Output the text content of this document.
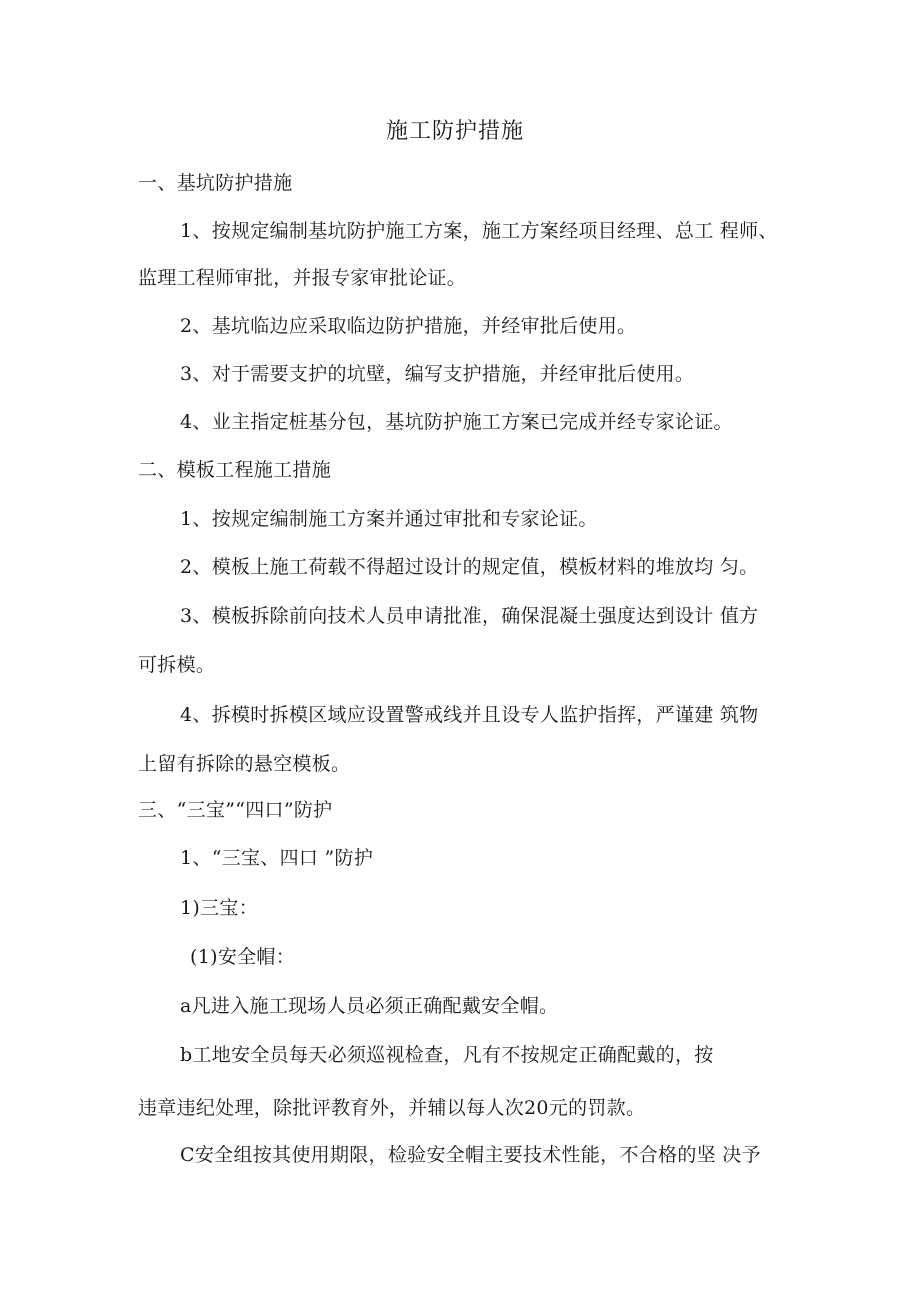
施工防护措施
一、基坑防护措施
1、按规定编制基坑防护施工方案，施工方案经项目经理、总工 程师、
监理工程师审批，并报专家审批论证。
2、基坑临边应采取临边防护措施，并经审批后使用。
3、对于需要支护的坑壁，编写支护措施，并经审批后使用。
4、业主指定桩基分包，基坑防护施工方案已完成并经专家论证。
二、模板工程施工措施
1、按规定编制施工方案并通过审批和专家论证。
2、模板上施工荷载不得超过设计的规定值，模板材料的堆放均 匀。
3、模板拆除前向技术人员申请批准，确保混凝土强度达到设计 值方
可拆模。
4、拆模时拆模区域应设置警戒线并且设专人监护指挥，严谨建 筑物
上留有拆除的悬空模板。
三、“三宝”“四口”防护
1、“三宝、四口 ”防护
1)三宝：
(1)安全帽：
a凡进入施工现场人员必须正确配戴安全帽。
b工地安全员每天必须巡视检查，凡有不按规定正确配戴的，按
违章违纪处理，除批评教育外，并辅以每人次20元的罚款。
C安全组按其使用期限，检验安全帽主要技术性能，不合格的坚 决予
